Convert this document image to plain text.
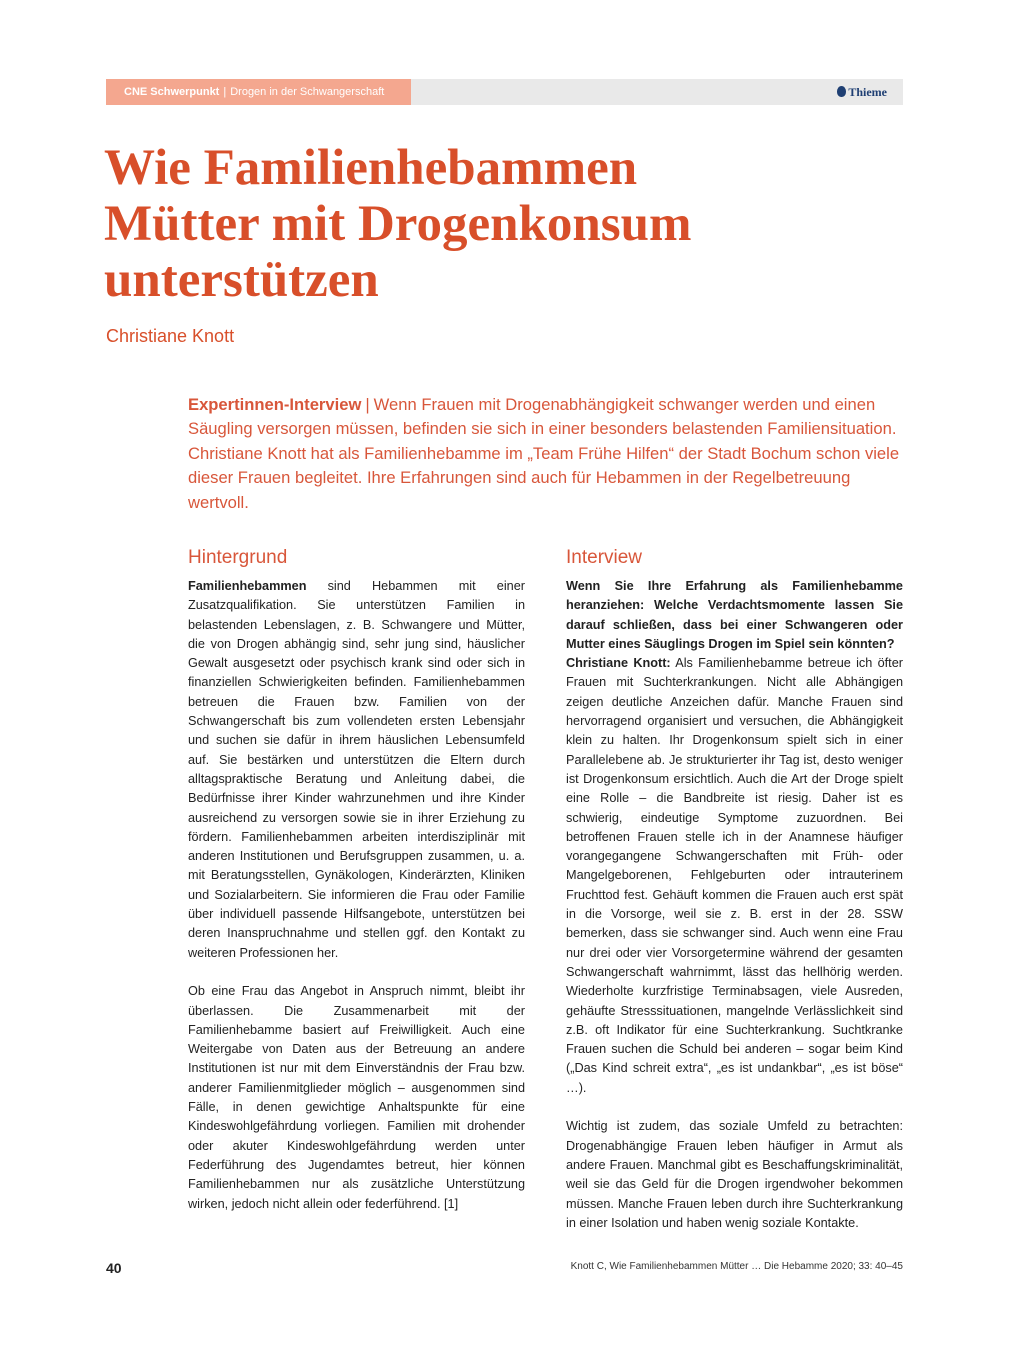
CNE Schwerpunkt | Drogen in der Schwangerschaft	Thieme
Wie Familienhebammen
Mütter mit Drogenkonsum
unterstützen
Christiane Knott

Expertinnen-Interview | Wenn Frauen mit Drogenabhängigkeit schwanger werden und einen Säugling versorgen müssen, befinden sie sich in einer besonders belastenden Familiensituation. Christiane Knott hat als Familienhebamme im „Team Frühe Hilfen“ der Stadt Bochum schon viele dieser Frauen begleitet. Ihre Erfahrungen sind auch für Hebammen in der Regelbetreuung wertvoll.

Hintergrund

Familienhebammen sind Hebammen mit einer Zusatzqualifikation. Sie unterstützen Familien in belastenden Lebenslagen, z. B. Schwangere und Mütter, die von Drogen abhängig sind, sehr jung sind, häuslicher Gewalt ausgesetzt oder psychisch krank sind oder sich in finanziellen Schwierigkeiten befinden. Familienhebammen betreuen die Frauen bzw. Familien von der Schwangerschaft bis zum vollendeten ersten Lebensjahr und suchen sie dafür in ihrem häuslichen Lebensumfeld auf. Sie bestärken und unterstützen die Eltern durch alltagspraktische Beratung und Anleitung dabei, die Bedürfnisse ihrer Kinder wahrzunehmen und ihre Kinder ausreichend zu versorgen sowie sie in ihrer Erziehung zu fördern. Familienhebammen arbeiten interdisziplinär mit anderen Institutionen und Berufsgruppen zusammen, u. a. mit Beratungsstellen, Gynäkologen, Kinderärzten, Kliniken und Sozialarbeitern. Sie informieren die Frau oder Familie über individuell passende Hilfsangebote, unterstützen bei deren Inanspruchnahme und stellen ggf. den Kontakt zu weiteren Professionen her.

Ob eine Frau das Angebot in Anspruch nimmt, bleibt ihr überlassen. Die Zusammenarbeit mit der Familienhebamme basiert auf Freiwilligkeit. Auch eine Weitergabe von Daten aus der Betreuung an andere Institutionen ist nur mit dem Einverständnis der Frau bzw. anderer Familienmitglieder möglich – ausgenommen sind Fälle, in denen gewichtige Anhaltspunkte für eine Kindeswohlgefährdung vorliegen. Familien mit drohender oder akuter Kindeswohlgefährdung werden unter Federführung des Jugendamtes betreut, hier können Familienhebammen nur als zusätzliche Unterstützung wirken, jedoch nicht allein oder federführend. [1]

Interview

Wenn Sie Ihre Erfahrung als Familienhebamme heranziehen: Welche Verdachtsmomente lassen Sie darauf schließen, dass bei einer Schwangeren oder Mutter eines Säuglings Drogen im Spiel sein könnten?

Christiane Knott: Als Familienhebamme betreue ich öfter Frauen mit Suchterkrankungen. Nicht alle Abhängigen zeigen deutliche Anzeichen dafür. Manche Frauen sind hervorragend organisiert und versuchen, die Abhängigkeit klein zu halten. Ihr Drogenkonsum spielt sich in einer Parallelebene ab. Je strukturierter ihr Tag ist, desto weniger ist Drogenkonsum ersichtlich. Auch die Art der Droge spielt eine Rolle – die Bandbreite ist riesig. Daher ist es schwierig, eindeutige Symptome zuzuordnen. Bei betroffenen Frauen stelle ich in der Anamnese häufiger vorangegangene Schwangerschaften mit Früh- oder Mangelgeborenen, Fehlgeburten oder intrauterinem Fruchttod fest. Gehäuft kommen die Frauen auch erst spät in die Vorsorge, weil sie z. B. erst in der 28. SSW bemerken, dass sie schwanger sind. Auch wenn eine Frau nur drei oder vier Vorsorgetermine während der gesamten Schwangerschaft wahrnimmt, lässt das hellhörig werden. Wiederholte kurzfristige Terminabsagen, viele Ausreden, gehäufte Stresssituationen, mangelnde Verlässlichkeit sind z.B. oft Indikator für eine Suchterkrankung. Suchtkranke Frauen suchen die Schuld bei anderen – sogar beim Kind („Das Kind schreit extra“, „es ist undankbar“, „es ist böse“ …).

Wichtig ist zudem, das soziale Umfeld zu betrachten: Drogenabhängige Frauen leben häufiger in Armut als andere Frauen. Manchmal gibt es Beschaffungskriminalität, weil sie das Geld für die Drogen irgendwoher bekommen müssen. Manche Frauen leben durch ihre Suchterkrankung in einer Isolation und haben wenig soziale Kontakte.

40	Knott C, Wie Familienhebammen Mütter … Die Hebamme 2020; 33: 40–45
